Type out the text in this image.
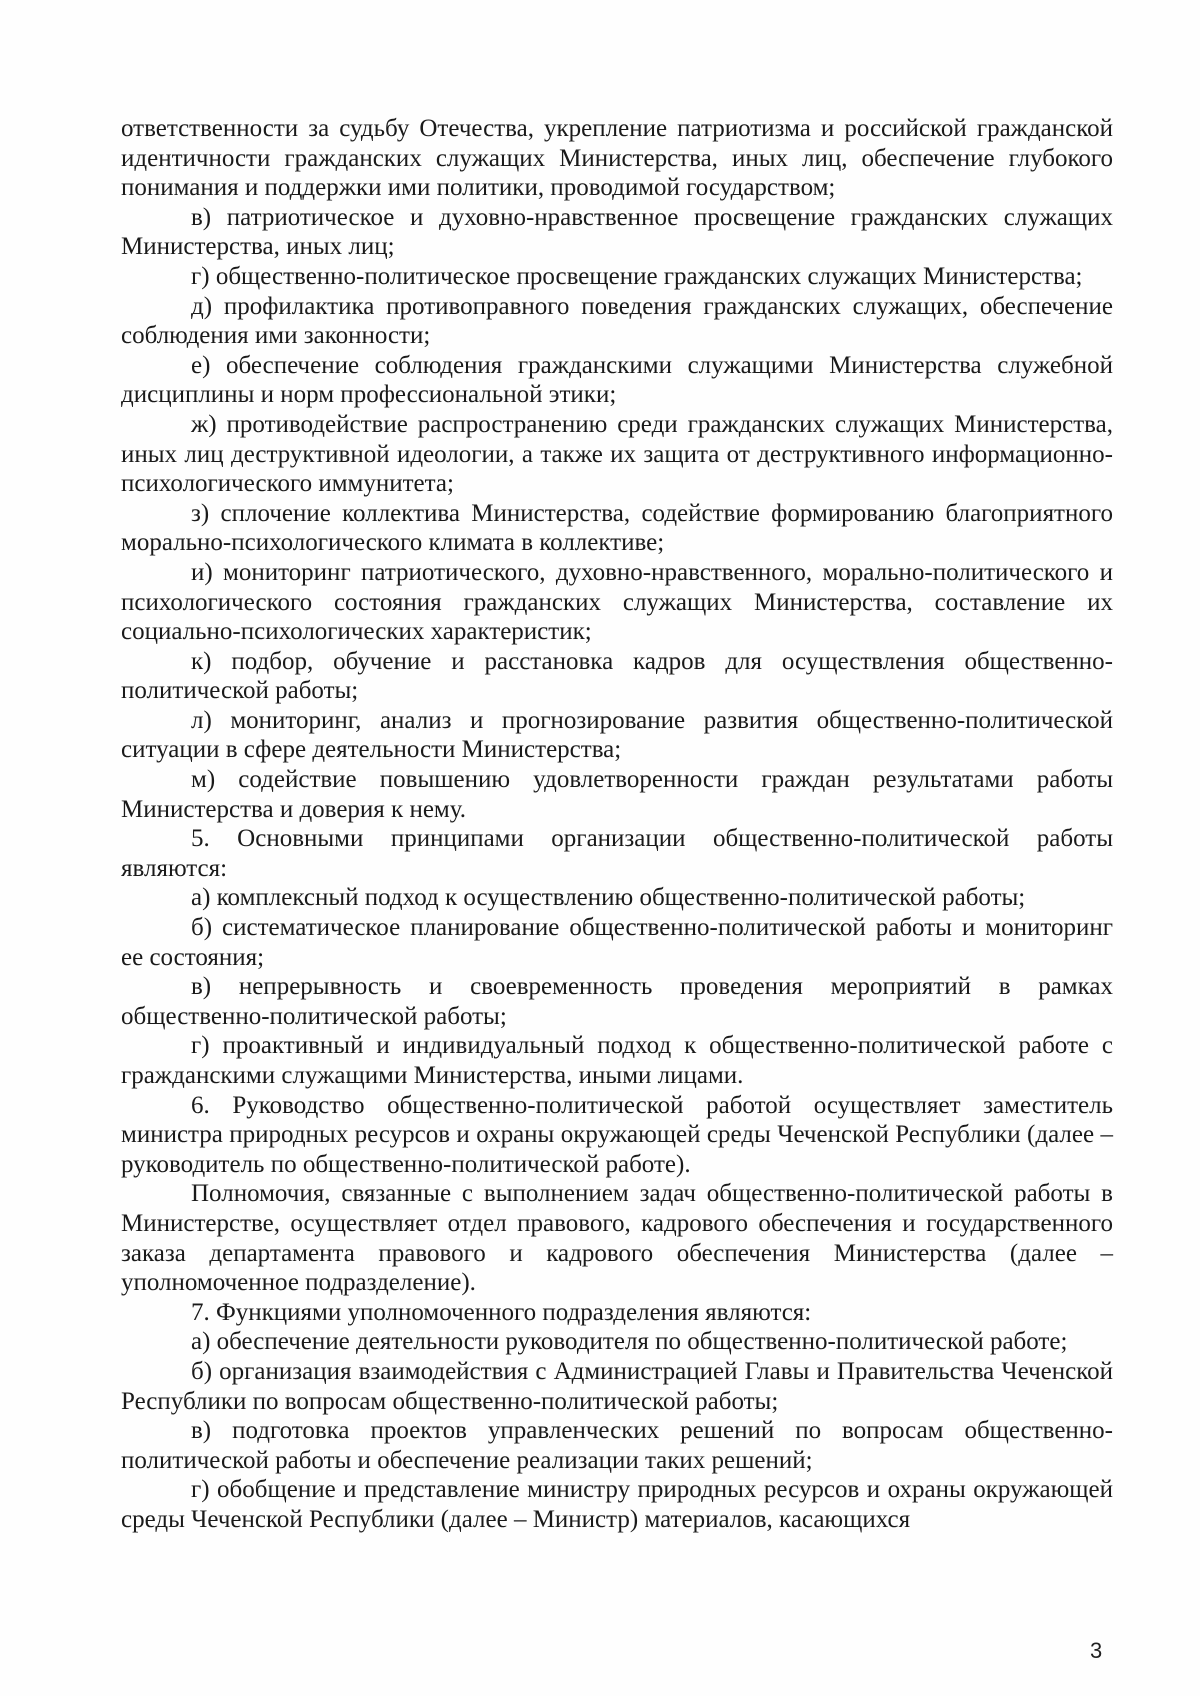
ответственности за судьбу Отечества, укрепление патриотизма и российской гражданской идентичности гражданских служащих Министерства, иных лиц, обеспечение глубокого понимания и поддержки ими политики, проводимой государством;

в) патриотическое и духовно-нравственное просвещение гражданских служащих Министерства, иных лиц;

г) общественно-политическое просвещение гражданских служащих Министерства;

д) профилактика противоправного поведения гражданских служащих, обеспечение соблюдения ими законности;

е) обеспечение соблюдения гражданскими служащими Министерства служебной дисциплины и норм профессиональной этики;

ж) противодействие распространению среди гражданских служащих Министерства, иных лиц деструктивной идеологии, а также их защита от деструктивного информационно-психологического иммунитета;

з) сплочение коллектива Министерства, содействие формированию благоприятного морально-психологического климата в коллективе;

и) мониторинг патриотического, духовно-нравственного, морально-политического и психологического состояния гражданских служащих Министерства, составление их социально-психологических характеристик;

к) подбор, обучение и расстановка кадров для осуществления общественно-политической работы;

л) мониторинг, анализ и прогнозирование развития общественно-политической ситуации в сфере деятельности Министерства;

м) содействие повышению удовлетворенности граждан результатами работы Министерства и доверия к нему.

5. Основными принципами организации общественно-политической работы являются:

а) комплексный подход к осуществлению общественно-политической работы;

б) систематическое планирование общественно-политической работы и мониторинг ее состояния;

в) непрерывность и своевременность проведения мероприятий в рамках общественно-политической работы;

г) проактивный и индивидуальный подход к общественно-политической работе с гражданскими служащими Министерства, иными лицами.

6. Руководство общественно-политической работой осуществляет заместитель министра природных ресурсов и охраны окружающей среды Чеченской Республики (далее – руководитель по общественно-политической работе).

Полномочия, связанные с выполнением задач общественно-политической работы в Министерстве, осуществляет отдел правового, кадрового обеспечения и государственного заказа департамента правового и кадрового обеспечения Министерства (далее – уполномоченное подразделение).

7. Функциями уполномоченного подразделения являются:

а) обеспечение деятельности руководителя по общественно-политической работе;

б) организация взаимодействия с Администрацией Главы и Правительства Чеченской Республики по вопросам общественно-политической работы;

в) подготовка проектов управленческих решений по вопросам общественно-политической работы и обеспечение реализации таких решений;

г) обобщение и представление министру природных ресурсов и охраны окружающей среды Чеченской Республики (далее – Министр) материалов, касающихся

3
